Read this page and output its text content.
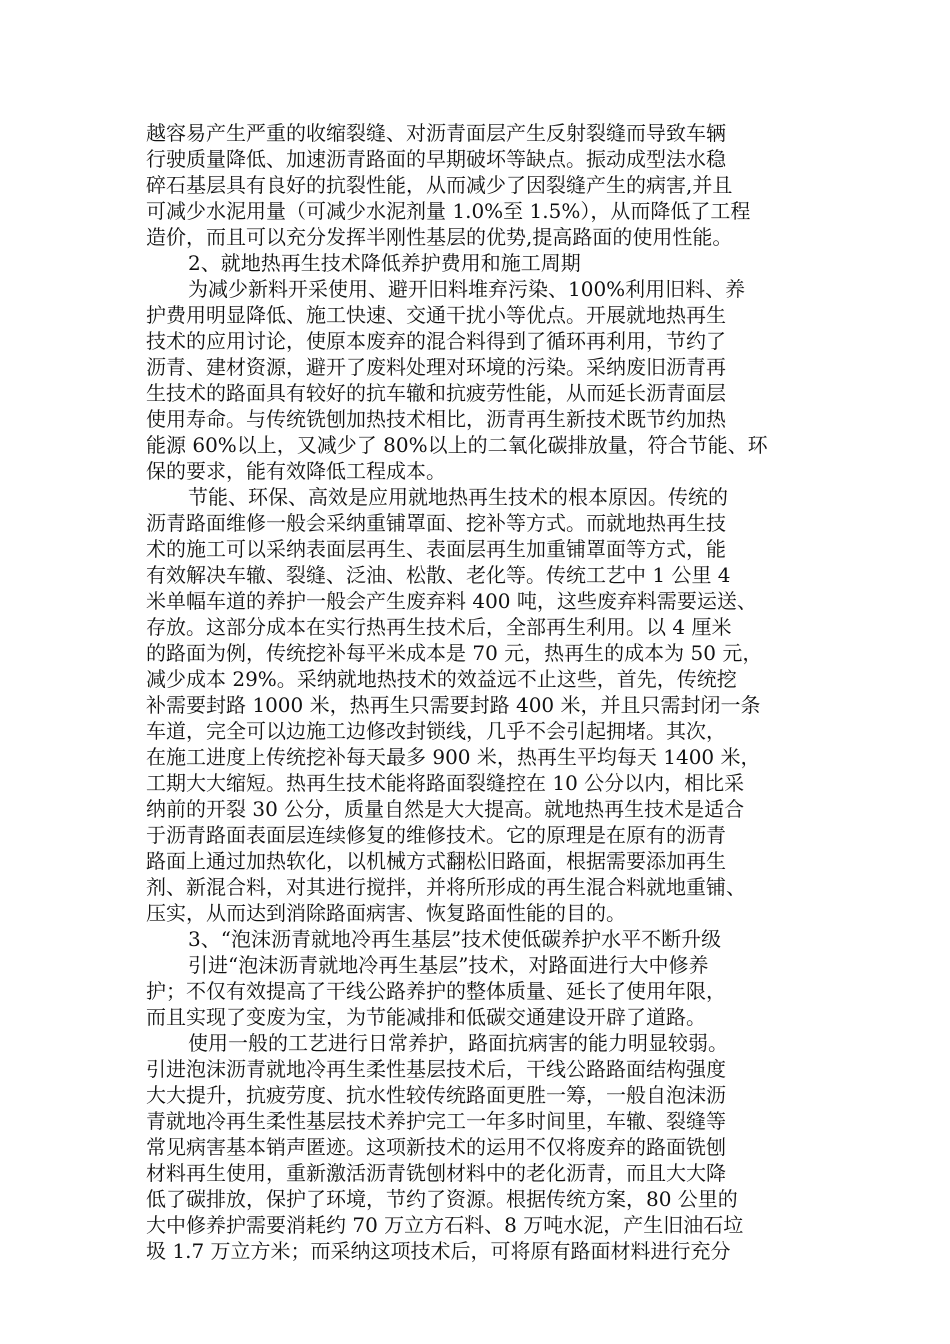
越容易产生严重的收缩裂缝、对沥青面层产生反射裂缝而导致车辆
行驶质量降低、加速沥青路面的早期破坏等缺点。振动成型法水稳
碎石基层具有良好的抗裂性能，从而减少了因裂缝产生的病害,并且
可减少水泥用量（可减少水泥剂量 1.0%至 1.5%），从而降低了工程
造价，而且可以充分发挥半刚性基层的优势,提高路面的使用性能。
2、就地热再生技术降低养护费用和施工周期
为减少新料开采使用、避开旧料堆弃污染、100%利用旧料、养
护费用明显降低、施工快速、交通干扰小等优点。开展就地热再生
技术的应用讨论，使原本废弃的混合料得到了循环再利用，节约了
沥青、建材资源，避开了废料处理对环境的污染。采纳废旧沥青再
生技术的路面具有较好的抗车辙和抗疲劳性能，从而延长沥青面层
使用寿命。与传统铣刨加热技术相比，沥青再生新技术既节约加热
能源 60%以上，又减少了 80%以上的二氧化碳排放量，符合节能、环
保的要求，能有效降低工程成本。
节能、环保、高效是应用就地热再生技术的根本原因。传统的
沥青路面维修一般会采纳重铺罩面、挖补等方式。而就地热再生技
术的施工可以采纳表面层再生、表面层再生加重铺罩面等方式，能
有效解决车辙、裂缝、泛油、松散、老化等。传统工艺中 1 公里 4
米单幅车道的养护一般会产生废弃料 400 吨，这些废弃料需要运送、
存放。这部分成本在实行热再生技术后，全部再生利用。以 4 厘米
的路面为例，传统挖补每平米成本是 70 元，热再生的成本为 50 元，
减少成本 29%。采纳就地热技术的效益远不止这些，首先，传统挖
补需要封路 1000 米，热再生只需要封路 400 米，并且只需封闭一条
车道，完全可以边施工边修改封锁线，几乎不会引起拥堵。其次，
在施工进度上传统挖补每天最多 900 米，热再生平均每天 1400 米，
工期大大缩短。热再生技术能将路面裂缝控在 10 公分以内，相比采
纳前的开裂 30 公分，质量自然是大大提高。就地热再生技术是适合
于沥青路面表面层连续修复的维修技术。它的原理是在原有的沥青
路面上通过加热软化，以机械方式翻松旧路面，根据需要添加再生
剂、新混合料，对其进行搅拌，并将所形成的再生混合料就地重铺、
压实，从而达到消除路面病害、恢复路面性能的目的。
3、“泡沫沥青就地冷再生基层”技术使低碳养护水平不断升级
引进“泡沫沥青就地冷再生基层”技术，对路面进行大中修养
护；不仅有效提高了干线公路养护的整体质量、延长了使用年限，
而且实现了变废为宝，为节能减排和低碳交通建设开辟了道路。
使用一般的工艺进行日常养护，路面抗病害的能力明显较弱。
引进泡沫沥青就地冷再生柔性基层技术后，干线公路路面结构强度
大大提升，抗疲劳度、抗水性较传统路面更胜一筹，一般自泡沫沥
青就地冷再生柔性基层技术养护完工一年多时间里，车辙、裂缝等
常见病害基本销声匿迹。这项新技术的运用不仅将废弃的路面铣刨
材料再生使用，重新激活沥青铣刨材料中的老化沥青，而且大大降
低了碳排放，保护了环境，节约了资源。根据传统方案，80 公里的
大中修养护需要消耗约 70 万立方石料、8 万吨水泥，产生旧油石垃
圾 1.7 万立方米；而采纳这项技术后，可将原有路面材料进行充分
